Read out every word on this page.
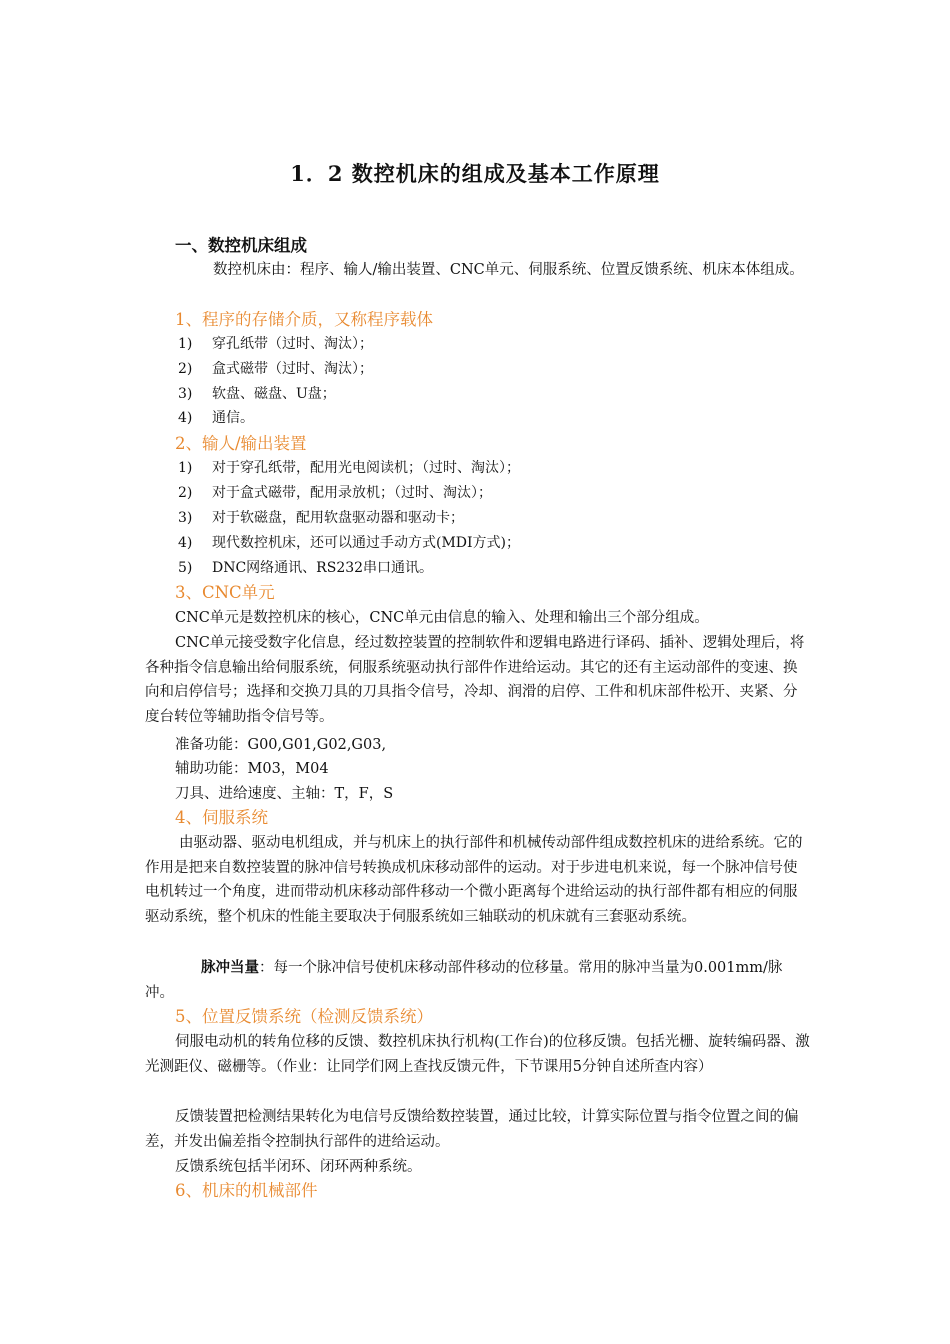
1．2 数控机床的组成及基本工作原理
一、数控机床组成
数控机床由：程序、输人/输出装置、CNC单元、伺服系统、位置反馈系统、机床本体组成。
1、程序的存储介质，又称程序载体
1) 穿孔纸带（过时、淘汰）；
2) 盒式磁带（过时、淘汰）；
3) 软盘、磁盘、U盘；
4) 通信。
2、输人/输出装置
1) 对于穿孔纸带，配用光电阅读机；（过时、淘汰）；
2) 对于盒式磁带，配用录放机；（过时、淘汰）；
3) 对于软磁盘，配用软盘驱动器和驱动卡；
4) 现代数控机床，还可以通过手动方式(MDI方式)；
5) DNC网络通讯、RS232串口通讯。
3、CNC单元
CNC单元是数控机床的核心，CNC单元由信息的输入、处理和输出三个部分组成。
CNC单元接受数字化信息，经过数控装置的控制软件和逻辑电路进行译码、插补、逻辑处理后，将各种指令信息输出给伺服系统，伺服系统驱动执行部件作进给运动。其它的还有主运动部件的变速、换向和启停信号；选择和交换刀具的刀具指令信号，冷却、润滑的启停、工件和机床部件松开、夹紧、分度台转位等辅助指令信号等。
准备功能：G00,G01,G02,G03,
辅助功能：M03，M04
刀具、进给速度、主轴：T，F，S
4、伺服系统
由驱动器、驱动电机组成，并与机床上的执行部件和机械传动部件组成数控机床的进给系统。它的作用是把来自数控装置的脉冲信号转换成机床移动部件的运动。对于步进电机来说，每一个脉冲信号使电机转过一个角度，进而带动机床移动部件移动一个微小距离每个进给运动的执行部件都有相应的伺服驱动系统，整个机床的性能主要取决于伺服系统如三轴联动的机床就有三套驱动系统。
脉冲当量：每一个脉冲信号使机床移动部件移动的位移量。常用的脉冲当量为0.001mm/脉冲。
5、位置反馈系统（检测反馈系统）
伺服电动机的转角位移的反馈、数控机床执行机构(工作台)的位移反馈。包括光栅、旋转编码器、激光测距仪、磁栅等。（作业：让同学们网上查找反馈元件，下节课用5分钟自述所查内容）
反馈装置把检测结果转化为电信号反馈给数控装置，通过比较，计算实际位置与指令位置之间的偏差，并发出偏差指令控制执行部件的进给运动。
反馈系统包括半闭环、闭环两种系统。
6、机床的机械部件
